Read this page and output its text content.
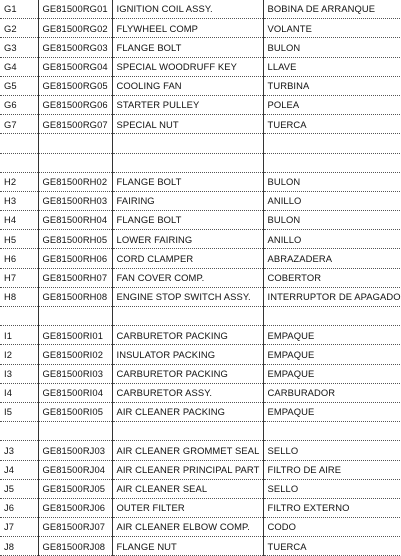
G1	GE81500RG01	IGNITION COIL ASSY.	BOBINA DE ARRANQUE
G2	GE81500RG02	FLYWHEEL COMP	VOLANTE
G3	GE81500RG03	FLANGE BOLT	BULON
G4	GE81500RG04	SPECIAL WOODRUFF KEY	LLAVE
G5	GE81500RG05	COOLING FAN	TURBINA
G6	GE81500RG06	STARTER PULLEY	POLEA
G7	GE81500RG07	SPECIAL NUT	TUERCA

H2	GE81500RH02	FLANGE BOLT	BULON
H3	GE81500RH03	FAIRING	ANILLO
H4	GE81500RH04	FLANGE BOLT	BULON
H5	GE81500RH05	LOWER FAIRING	ANILLO
H6	GE81500RH06	CORD CLAMPER	ABRAZADERA
H7	GE81500RH07	FAN COVER COMP.	COBERTOR
H8	GE81500RH08	ENGINE STOP SWITCH ASSY.	INTERRUPTOR DE APAGADO

I1	GE81500RI01	CARBURETOR PACKING	EMPAQUE
I2	GE81500RI02	INSULATOR PACKING	EMPAQUE
I3	GE81500RI03	CARBURETOR PACKING	EMPAQUE
I4	GE81500RI04	CARBURETOR ASSY.	CARBURADOR
I5	GE81500RI05	AIR CLEANER PACKING	EMPAQUE

J3	GE81500RJ03	AIR CLEANER GROMMET SEAL	SELLO
J4	GE81500RJ04	AIR CLEANER PRINCIPAL PART	FILTRO DE AIRE
J5	GE81500RJ05	AIR CLEANER SEAL	SELLO
J6	GE81500RJ06	OUTER FILTER	FILTRO EXTERNO
J7	GE81500RJ07	AIR CLEANER ELBOW COMP.	CODO
J8	GE81500RJ08	FLANGE NUT	TUERCA
